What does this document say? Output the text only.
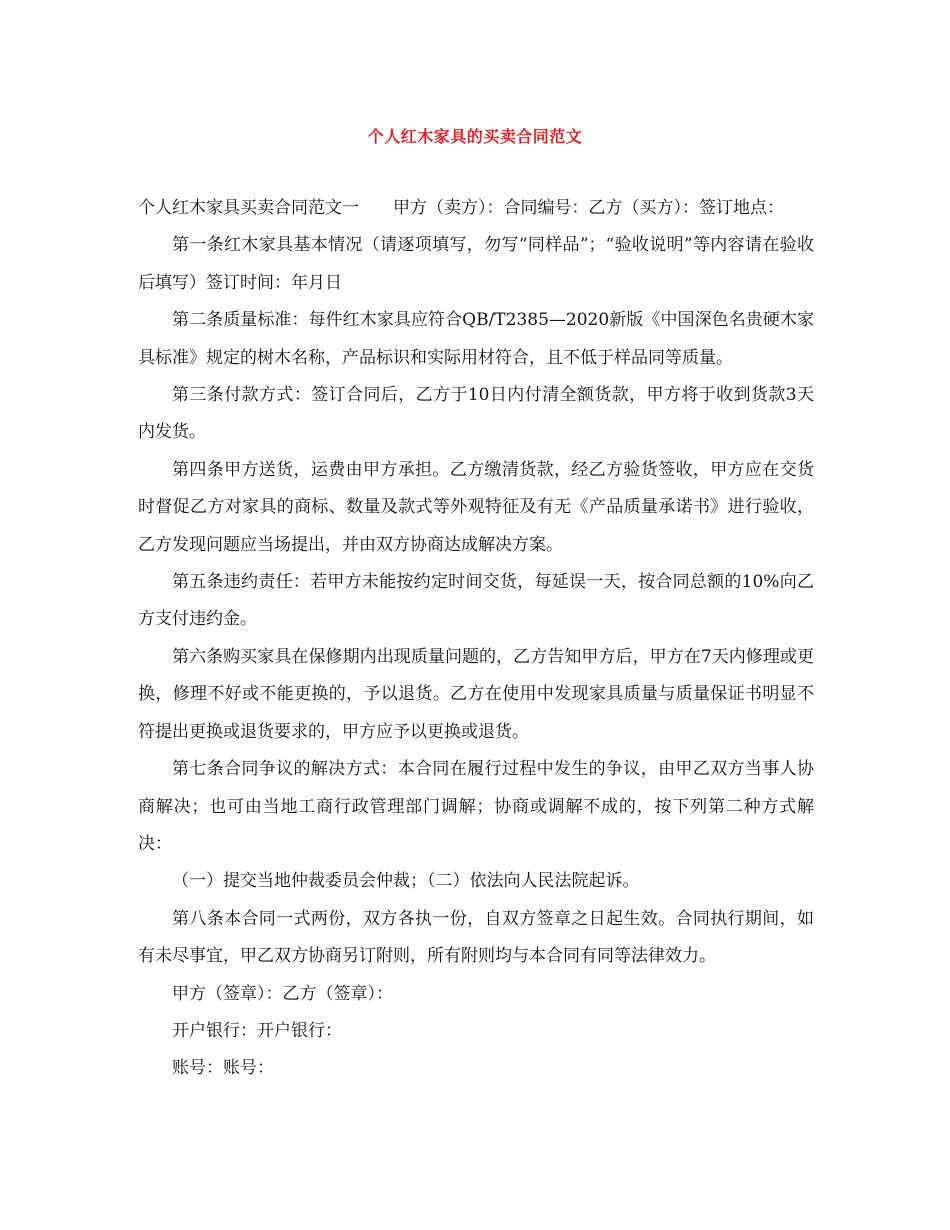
个人红木家具的买卖合同范文

个人红木家具买卖合同范文一　　甲方（卖方）：合同编号：乙方（买方）：签订地点：

第一条红木家具基本情况（请逐项填写，勿写“同样品”；“验收说明”等内容请在验收后填写）签订时间：年月日

第二条质量标准：每件红木家具应符合QB/T2385—2020新版《中国深色名贵硬木家具标准》规定的树木名称，产品标识和实际用材符合，且不低于样品同等质量。

第三条付款方式：签订合同后，乙方于10日内付清全额货款，甲方将于收到货款3天内发货。

第四条甲方送货，运费由甲方承担。乙方缴清货款，经乙方验货签收，甲方应在交货时督促乙方对家具的商标、数量及款式等外观特征及有无《产品质量承诺书》进行验收，乙方发现问题应当场提出，并由双方协商达成解决方案。

第五条违约责任：若甲方未能按约定时间交货，每延误一天，按合同总额的10%向乙方支付违约金。

第六条购买家具在保修期内出现质量问题的，乙方告知甲方后，甲方在7天内修理或更换，修理不好或不能更换的，予以退货。乙方在使用中发现家具质量与质量保证书明显不符提出更换或退货要求的，甲方应予以更换或退货。

第七条合同争议的解决方式：本合同在履行过程中发生的争议，由甲乙双方当事人协商解决；也可由当地工商行政管理部门调解；协商或调解不成的，按下列第二种方式解决：

（一）提交当地仲裁委员会仲裁；（二）依法向人民法院起诉。

第八条本合同一式两份，双方各执一份，自双方签章之日起生效。合同执行期间，如有未尽事宜，甲乙双方协商另订附则，所有附则均与本合同有同等法律效力。

甲方（签章）：乙方（签章）：

开户银行：开户银行：

账号：账号：
